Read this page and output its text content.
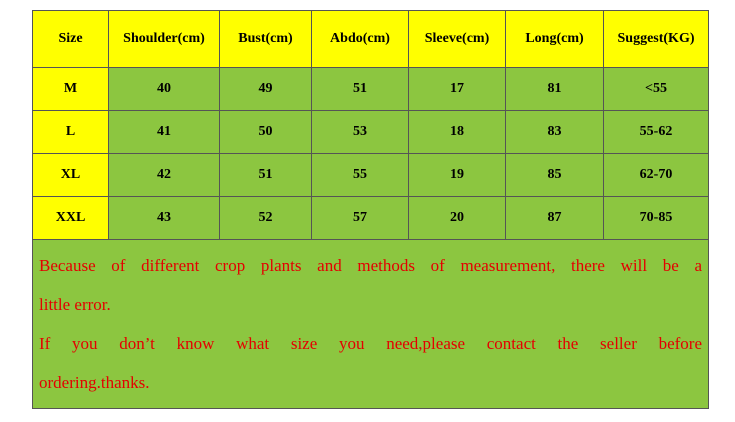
Size	Shoulder(cm)	Bust(cm)	Abdo(cm)	Sleeve(cm)	Long(cm)	Suggest(KG)
M	40	49	51	17	81	<55
L	41	50	53	18	83	55-62
XL	42	51	55	19	85	62-70
XXL	43	52	57	20	87	70-85

Because of different crop plants and methods of measurement, there will be a
little error.
If you don’t know what size you need,please contact the seller before
ordering.thanks.						
